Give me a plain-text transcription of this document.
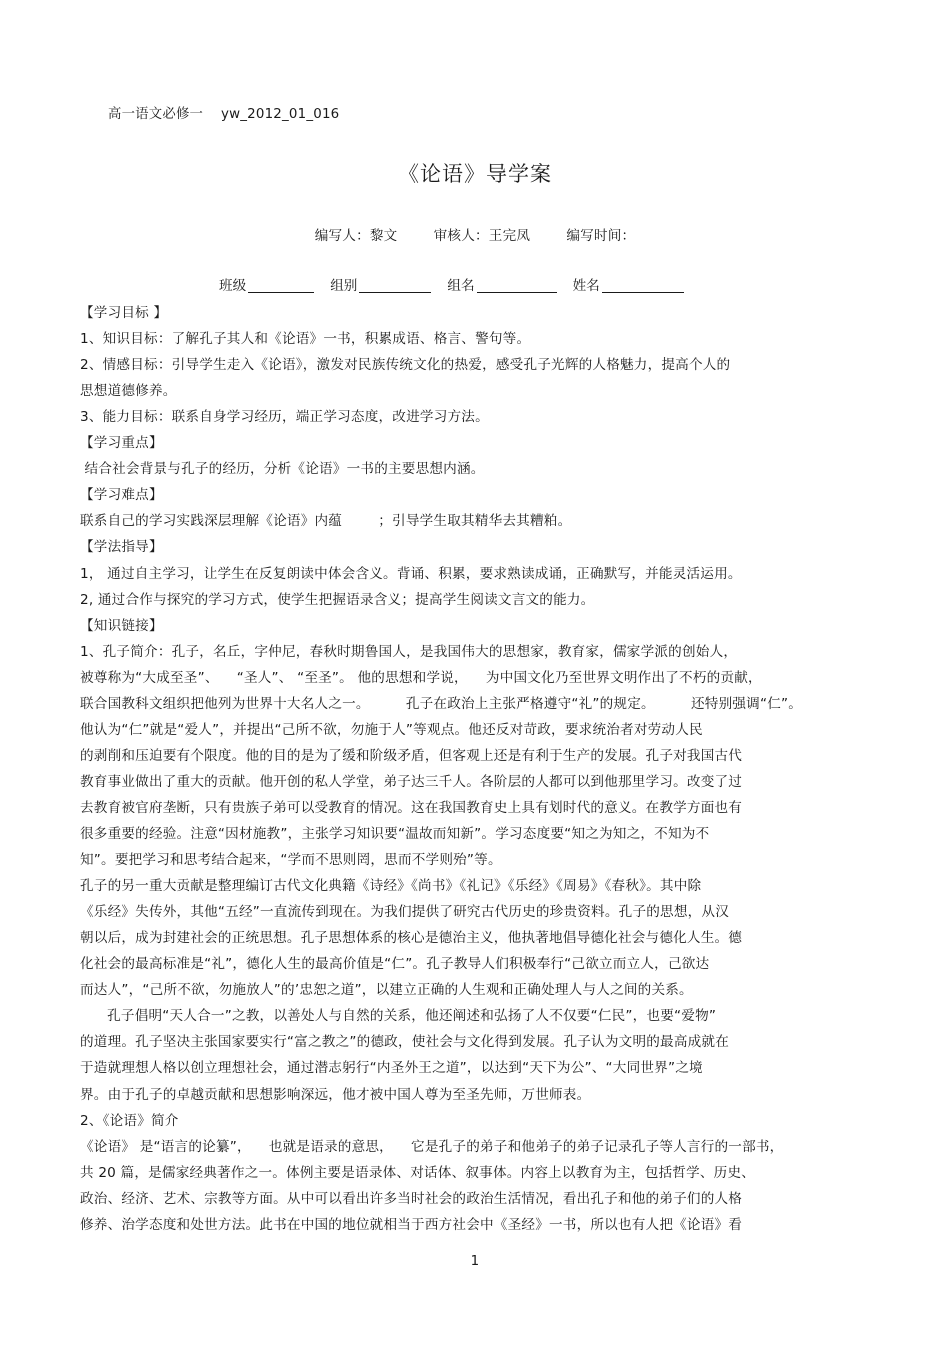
高一语文必修一    yw_2012_01_016
《论语》导学案
编写人：黎文        审核人：王完凤        编写时间：
班级	组别	组名	姓名
【学习目标 】
1、知识目标：了解孔子其人和《论语》一书，积累成语、格言、警句等。
2、情感目标：引导学生走入《论语》，激发对民族传统文化的热爱，感受孔子光辉的人格魅力，提高个人的
思想道德修养。
3、能力目标：联系自身学习经历，端正学习态度，改进学习方法。
【学习重点】
结合社会背景与孔子的经历，分析《论语》一书的主要思想内涵。
【学习难点】
联系自己的学习实践深层理解《论语》内蕴        ；引导学生取其精华去其糟粕。
【学法指导】
1， 通过自主学习，让学生在反复朗读中体会含义。背诵、积累，要求熟读成诵，正确默写，并能灵活运用。
2, 通过合作与探究的学习方式，使学生把握语录含义；提高学生阅读文言文的能力。
【知识链接】
1、孔子简介：孔子，名丘，字仲尼，春秋时期鲁国人，是我国伟大的思想家，教育家，儒家学派的创始人，
被尊称为“大成至圣”、    “圣人”、 “至圣”。 他的思想和学说，    为中国文化乃至世界文明作出了不朽的贡献，
联合国教科文组织把他列为世界十大名人之一。        孔子在政治上主张严格遵守“礼”的规定。        还特别强调“仁”。
他认为“仁”就是“爱人”，并提出“己所不欲，勿施于人”等观点。他还反对苛政，要求统治者对劳动人民
的剥削和压迫要有个限度。他的目的是为了缓和阶级矛盾，但客观上还是有利于生产的发展。孔子对我国古代
教育事业做出了重大的贡献。他开创的私人学堂，弟子达三千人。各阶层的人都可以到他那里学习。改变了过
去教育被官府垄断，只有贵族子弟可以受教育的情况。这在我国教育史上具有划时代的意义。在教学方面也有
很多重要的经验。注意“因材施教”，主张学习知识要“温故而知新”。学习态度要“知之为知之，不知为不
知”。要把学习和思考结合起来，“学而不思则罔，思而不学则殆”等。
孔子的另一重大贡献是整理编订古代文化典籍《诗经》《尚书》《礼记》《乐经》《周易》《春秋》。其中除
《乐经》失传外，其他“五经”一直流传到现在。为我们提供了研究古代历史的珍贵资料。孔子的思想，从汉
朝以后，成为封建社会的正统思想。孔子思想体系的核心是德治主义，他执著地倡导德化社会与德化人生。德
化社会的最高标准是“礼”，德化人生的最高价值是“仁”。孔子教导人们积极奉行“己欲立而立人，己欲达
而达人”，“己所不欲，勿施放人”的’忠恕之道”，以建立正确的人生观和正确处理人与人之间的关系。
孔子倡明“天人合一”之教，以善处人与自然的关系，他还阐述和弘扬了人不仅要“仁民”，也要“爱物”
的道理。孔子坚决主张国家要实行“富之教之”的德政，使社会与文化得到发展。孔子认为文明的最高成就在
于造就理想人格以创立理想社会，通过潜志躬行“内圣外王之道”，以达到“天下为公”、“大同世界”之境
界。由于孔子的卓越贡献和思想影响深远，他才被中国人尊为至圣先师，万世师表。
2、《论语》简介
《论语》 是“语言的论纂”，    也就是语录的意思，    它是孔子的弟子和他弟子的弟子记录孔子等人言行的一部书，
共 20 篇，是儒家经典著作之一。体例主要是语录体、对话体、叙事体。内容上以教育为主，包括哲学、历史、
政治、经济、艺术、宗教等方面。从中可以看出许多当时社会的政治生活情况，看出孔子和他的弟子们的人格
修养、治学态度和处世方法。此书在中国的地位就相当于西方社会中《圣经》一书，所以也有人把《论语》看
1
